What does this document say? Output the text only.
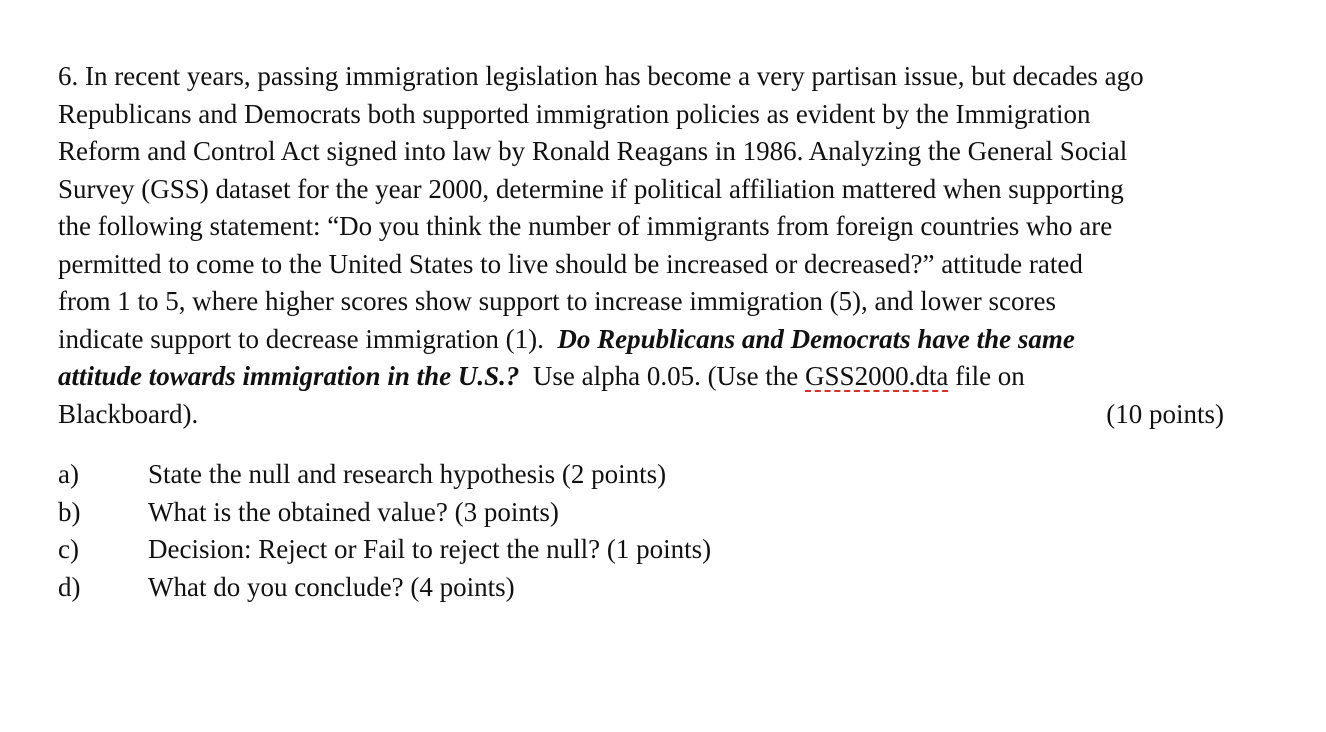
6. In recent years, passing immigration legislation has become a very partisan issue, but decades ago
Republicans and Democrats both supported immigration policies as evident by the Immigration
Reform and Control Act signed into law by Ronald Reagans in 1986. Analyzing the General Social
Survey (GSS) dataset for the year 2000, determine if political affiliation mattered when supporting
the following statement: “Do you think the number of immigrants from foreign countries who are
permitted to come to the United States to live should be increased or decreased?” attitude rated
from 1 to 5, where higher scores show support to increase immigration (5), and lower scores
indicate support to decrease immigration (1).  Do Republicans and Democrats have the same
attitude towards immigration in the U.S.?  Use alpha 0.05. (Use the GSS2000.dta file on
Blackboard).	(10 points)
a)	State the null and research hypothesis (2 points)
b)	What is the obtained value? (3 points)
c)	Decision: Reject or Fail to reject the null? (1 points)
d)	What do you conclude? (4 points)
